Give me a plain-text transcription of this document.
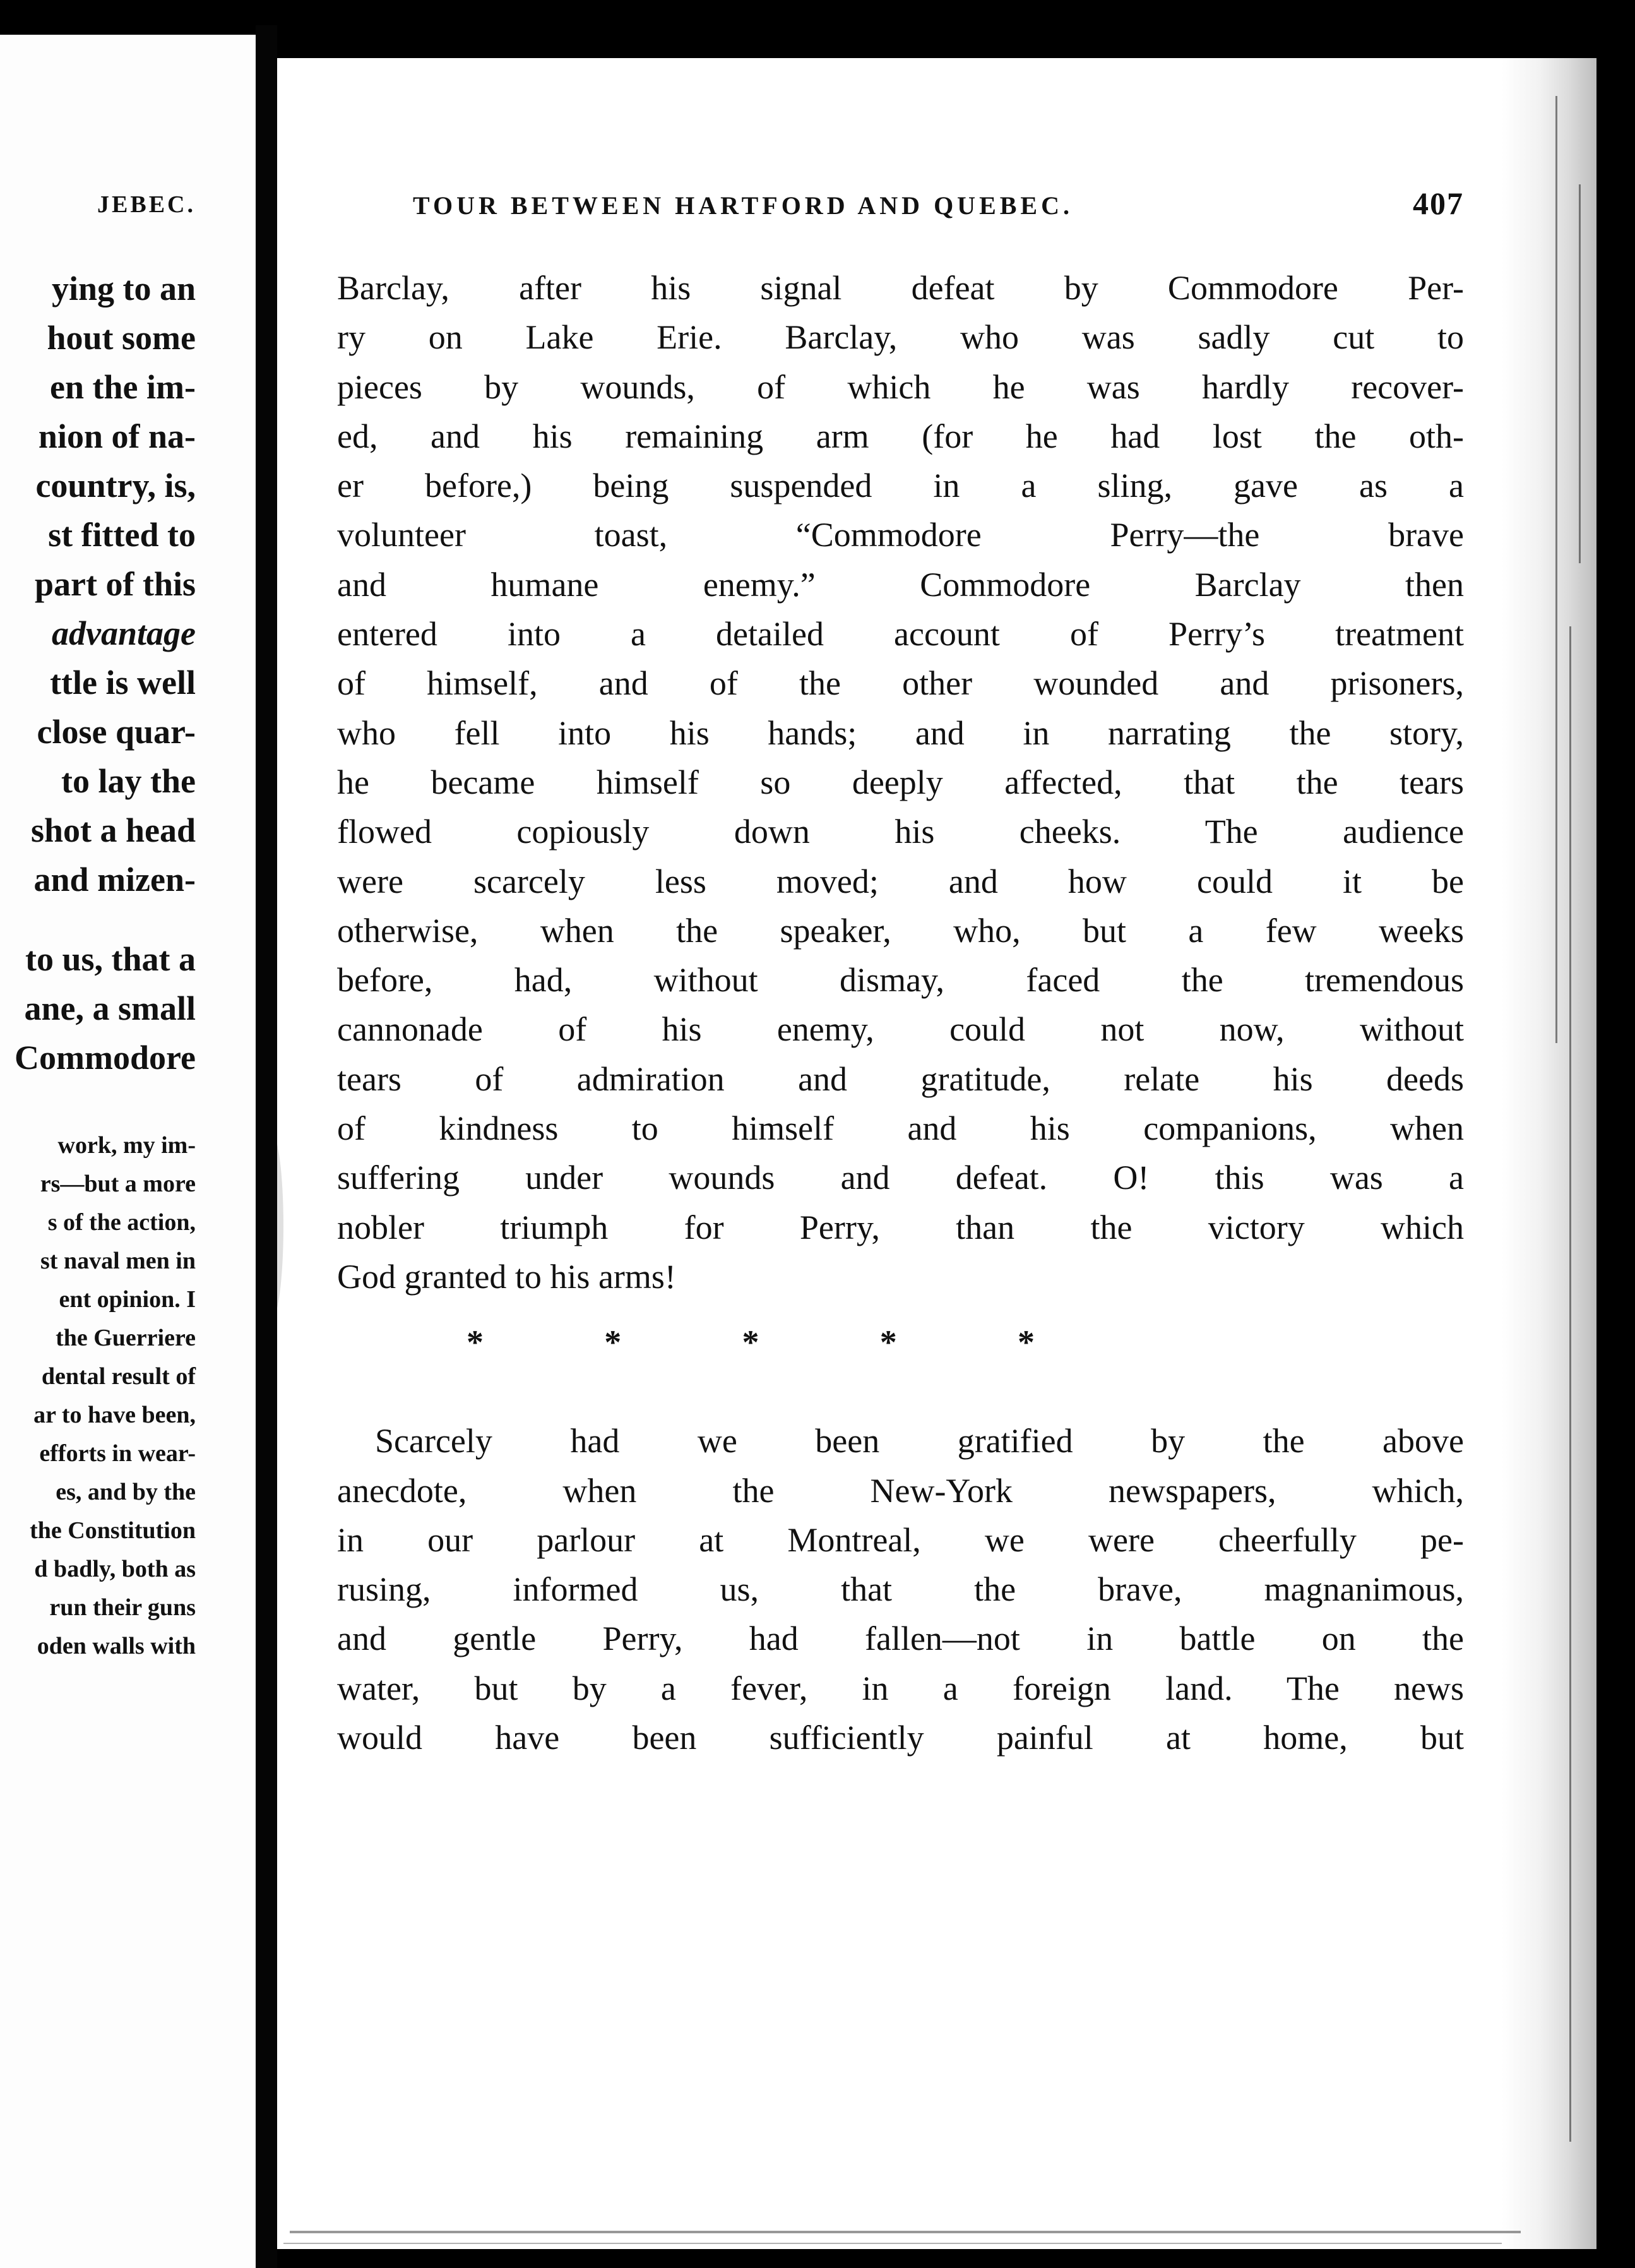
JEBEC.
ying to an
hout some
en the im-
nion of na-
country, is,
st fitted to
part of this
advantage
ttle is well
close quar-
to lay the
shot a head
and mizen-
to us, that a
ane, a small
Commodore
work, my im-
rs—but a more
s of the action,
st naval men in
ent opinion. I
the Guerriere
dental result of
ar to have been,
efforts in wear-
es, and by the
the Constitution
d badly, both as
run their guns
oden walls with
TOUR BETWEEN HARTFORD AND QUEBEC.	407
Barclay, after his signal defeat by Commodore Per-
ry on Lake Erie. Barclay, who was sadly cut to
pieces by wounds, of which he was hardly recover-
ed, and his remaining arm (for he had lost the oth-
er before,) being suspended in a sling, gave as a
volunteer toast, “Commodore Perry—the brave
and humane enemy.” Commodore Barclay then
entered into a detailed account of Perry’s treatment
of himself, and of the other wounded and prisoners,
who fell into his hands; and in narrating the story,
he became himself so deeply affected, that the tears
flowed copiously down his cheeks. The audience
were scarcely less moved; and how could it be
otherwise, when the speaker, who, but a few weeks
before, had, without dismay, faced the tremendous
cannonade of his enemy, could not now, without
tears of admiration and gratitude, relate his deeds
of kindness to himself and his companions, when
suffering under wounds and defeat. O! this was a
nobler triumph for Perry, than the victory which
God granted to his arms!
*	*	*	*	*
Scarcely had we been gratified by the above
anecdote, when the New-York newspapers, which,
in our parlour at Montreal, we were cheerfully pe-
rusing, informed us, that the brave, magnanimous,
and gentle Perry, had fallen—not in battle on the
water, but by a fever, in a foreign land. The news
would have been sufficiently painful at home, but
